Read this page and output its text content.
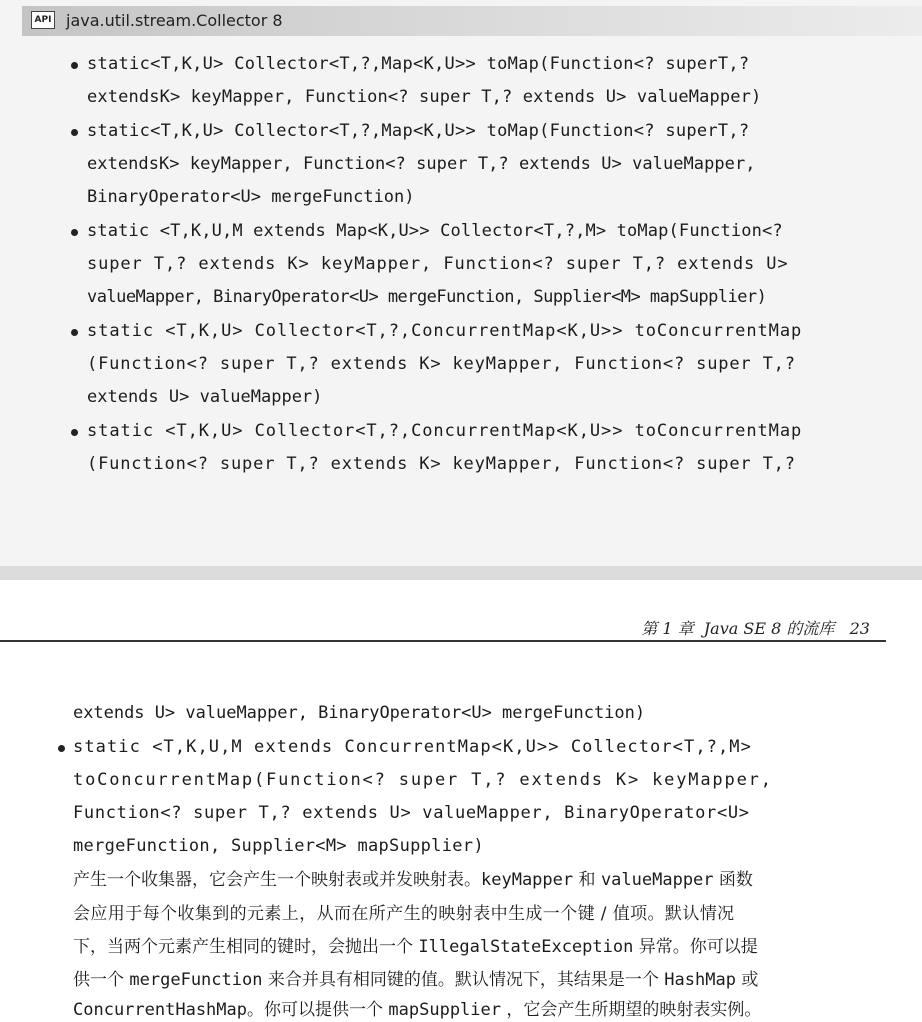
API java.util.stream.Collector 8
static<T,K,U> Collector<T,?,Map<K,U>> toMap(Function<? superT,?
extendsK> keyMapper, Function<? super T,? extends U> valueMapper)
static<T,K,U> Collector<T,?,Map<K,U>> toMap(Function<? superT,?
extendsK> keyMapper, Function<? super T,? extends U> valueMapper,
BinaryOperator<U> mergeFunction)
static <T,K,U,M extends Map<K,U>> Collector<T,?,M> toMap(Function<?
super T,? extends K> keyMapper, Function<? super T,? extends U>
valueMapper, BinaryOperator<U> mergeFunction, Supplier<M> mapSupplier)
static <T,K,U> Collector<T,?,ConcurrentMap<K,U>> toConcurrentMap
(Function<? super T,? extends K> keyMapper, Function<? super T,?
extends U> valueMapper)
static <T,K,U> Collector<T,?,ConcurrentMap<K,U>> toConcurrentMap
(Function<? super T,? extends K> keyMapper, Function<? super T,?
第 1 章  Java SE 8 的流库   23
extends U> valueMapper, BinaryOperator<U> mergeFunction)
static <T,K,U,M extends ConcurrentMap<K,U>> Collector<T,?,M>
toConcurrentMap(Function<? super T,? extends K> keyMapper,
Function<? super T,? extends U> valueMapper, BinaryOperator<U>
mergeFunction, Supplier<M> mapSupplier)
产生一个收集器，它会产生一个映射表或并发映射表。keyMapper 和 valueMapper 函数
会应用于每个收集到的元素上，从而在所产生的映射表中生成一个键 / 值项。默认情况
下，当两个元素产生相同的键时，会抛出一个 IllegalStateException 异常。你可以提
供一个 mergeFunction 来合并具有相同键的值。默认情况下，其结果是一个 HashMap 或
ConcurrentHashMap。你可以提供一个 mapSupplier ，它会产生所期望的映射表实例。
